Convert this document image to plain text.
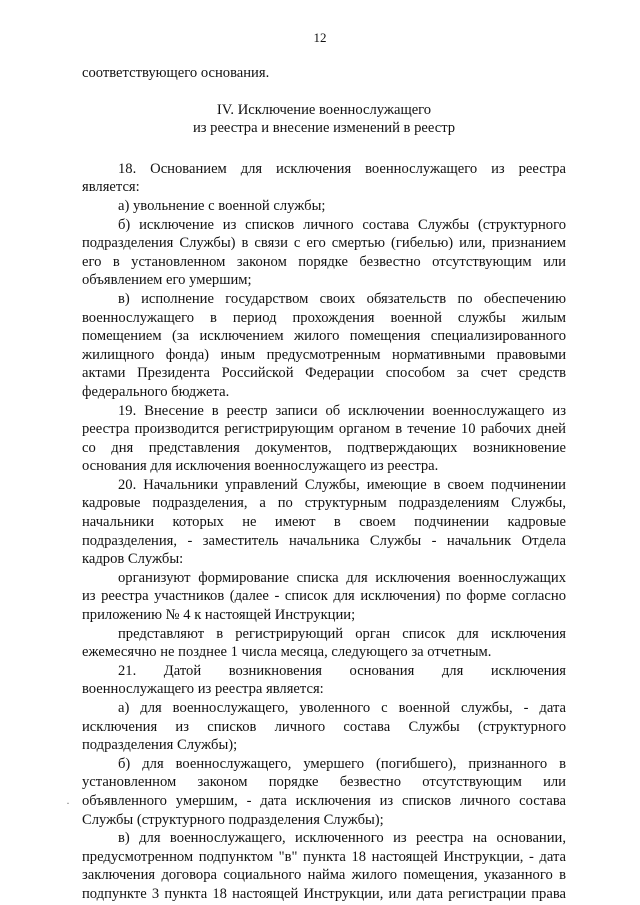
12

соответствующего основания.

IV. Исключение военнослужащего

из реестра и внесение изменений в реестр

18. Основанием для исключения военнослужащего из реестра

является:

а) увольнение с военной службы;

б) исключение из списков личного состава Службы (структурного

подразделения Службы) в связи с его смертью (гибелью) или, признанием

его в установленном законом порядке безвестно отсутствующим или

объявлением его умершим;

в) исполнение государством своих обязательств по обеспечению

военнослужащего в период прохождения военной службы жилым

помещением (за исключением жилого помещения специализированного

жилищного фонда) иным предусмотренным нормативными правовыми

актами Президента Российской Федерации способом за счет средств

федерального бюджета.

19. Внесение в реестр записи об исключении военнослужащего из

реестра производится регистрирующим органом в течение 10 рабочих дней

со дня представления документов, подтверждающих возникновение

основания для исключения военнослужащего из реестра.

20. Начальники управлений Службы, имеющие в своем подчинении

кадровые подразделения, а по структурным подразделениям Службы,

начальники которых не имеют в своем подчинении кадровые

подразделения, - заместитель начальника Службы - начальник Отдела

кадров Службы:

организуют формирование списка для исключения военнослужащих

из реестра участников (далее - список для исключения) по форме согласно

приложению № 4 к настоящей Инструкции;

представляют в регистрирующий орган список для исключения

ежемесячно не позднее 1 числа месяца, следующего за отчетным.

21. Датой возникновения основания для исключения

военнослужащего из реестра является:

а) для военнослужащего, уволенного с военной службы, - дата

исключения из списков личного состава Службы (структурного

подразделения Службы);

б) для военнослужащего, умершего (погибшего), признанного в

установленном законом порядке безвестно отсутствующим или

объявленного умершим, - дата исключения из списков личного состава

Службы (структурного подразделения Службы);

в) для военнослужащего, исключенного из реестра на основании,

предусмотренном подпунктом "в" пункта 18 настоящей Инструкции, - дата

заключения договора социального найма жилого помещения, указанного в

подпункте 3 пункта 18 настоящей Инструкции, или дата регистрации права

·
